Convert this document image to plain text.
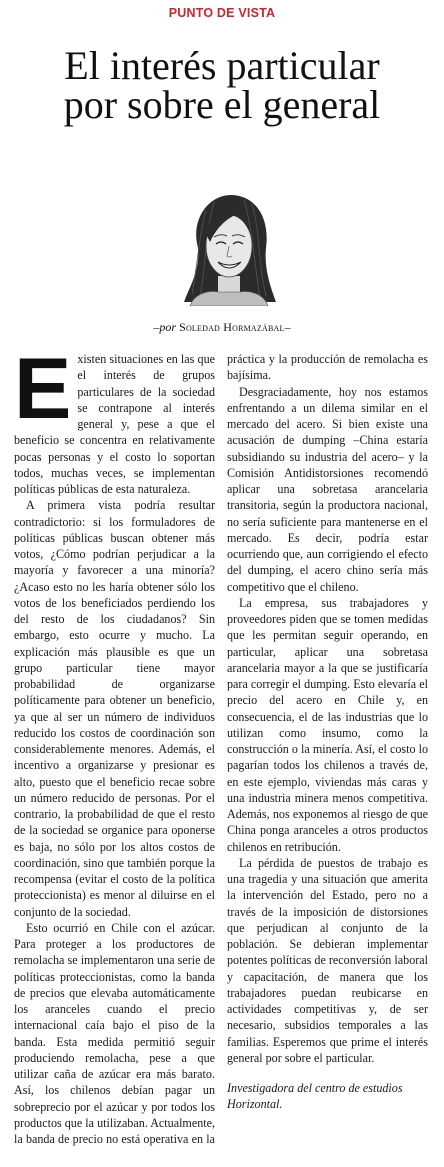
PUNTO DE VISTA
El interés particular
por sobre el general
–por Soledad Hormazábal–

Existen situaciones en las que el interés de grupos particulares de la sociedad se contrapone al interés general y, pese a que el beneficio se concentra en relativamente pocas personas y el costo lo soportan todos, muchas veces, se implementan políticas públicas de esta naturaleza.

A primera vista podría resultar contradictorio: si los formuladores de políticas públicas buscan obtener más votos, ¿Cómo podrían perjudicar a la mayoría y favorecer a una minoría? ¿Acaso esto no les haría obtener sólo los votos de los beneficiados perdiendo los del resto de los ciudadanos? Sin embargo, esto ocurre y mucho. La explicación más plausible es que un grupo particular tiene mayor probabilidad de organizarse políticamente para obtener un beneficio, ya que al ser un número de individuos reducido los costos de coordinación son considerablemente menores. Además, el incentivo a organizarse y presionar es alto, puesto que el beneficio recae sobre un número reducido de personas. Por el contrario, la probabilidad de que el resto de la sociedad se organice para oponerse es baja, no sólo por los altos costos de coordinación, sino que también porque la recompensa (evitar el costo de la política proteccionista) es menor al diluirse en el conjunto de la sociedad.

Esto ocurrió en Chile con el azúcar. Para proteger a los productores de remolacha se implementaron una serie de políticas proteccionistas, como la banda de precios que elevaba automáticamente los aranceles cuando el precio internacional caía bajo el piso de la banda. Esta medida permitió seguir produciendo remolacha, pese a que utilizar caña de azúcar era más barato. Así, los chilenos debían pagar un sobreprecio por el azúcar y por todos los productos que la utilizaban. Actualmente, la banda de precio no está operativa en la práctica y la producción de remolacha es bajísima.

Desgraciadamente, hoy nos estamos enfrentando a un dilema similar en el mercado del acero. Si bien existe una acusación de dumping –China estaría subsidiando su industria del acero– y la Comisión Antidistorsiones recomendó aplicar una sobretasa arancelaria transitoria, según la productora nacional, no sería suficiente para mantenerse en el mercado. Es decir, podría estar ocurriendo que, aun corrigiendo el efecto del dumping, el acero chino sería más competitivo que el chileno.

La empresa, sus trabajadores y proveedores piden que se tomen medidas que les permitan seguir operando, en particular, aplicar una sobretasa arancelaria mayor a la que se justificaría para corregir el dumping. Esto elevaría el precio del acero en Chile y, en consecuencia, el de las industrias que lo utilizan como insumo, como la construcción o la minería. Así, el costo lo pagarían todos los chilenos a través de, en este ejemplo, viviendas más caras y una industria minera menos competitiva. Además, nos exponemos al riesgo de que China ponga aranceles a otros productos chilenos en retribución.

La pérdida de puestos de trabajo es una tragedia y una situación que amerita la intervención del Estado, pero no a través de la imposición de distorsiones que perjudican al conjunto de la población. Se debieran implementar potentes políticas de reconversión laboral y capacitación, de manera que los trabajadores puedan reubicarse en actividades competitivas y, de ser necesario, subsidios temporales a las familias. Esperemos que prime el interés general por sobre el particular.

Investigadora del centro de estudios Horizontal.
